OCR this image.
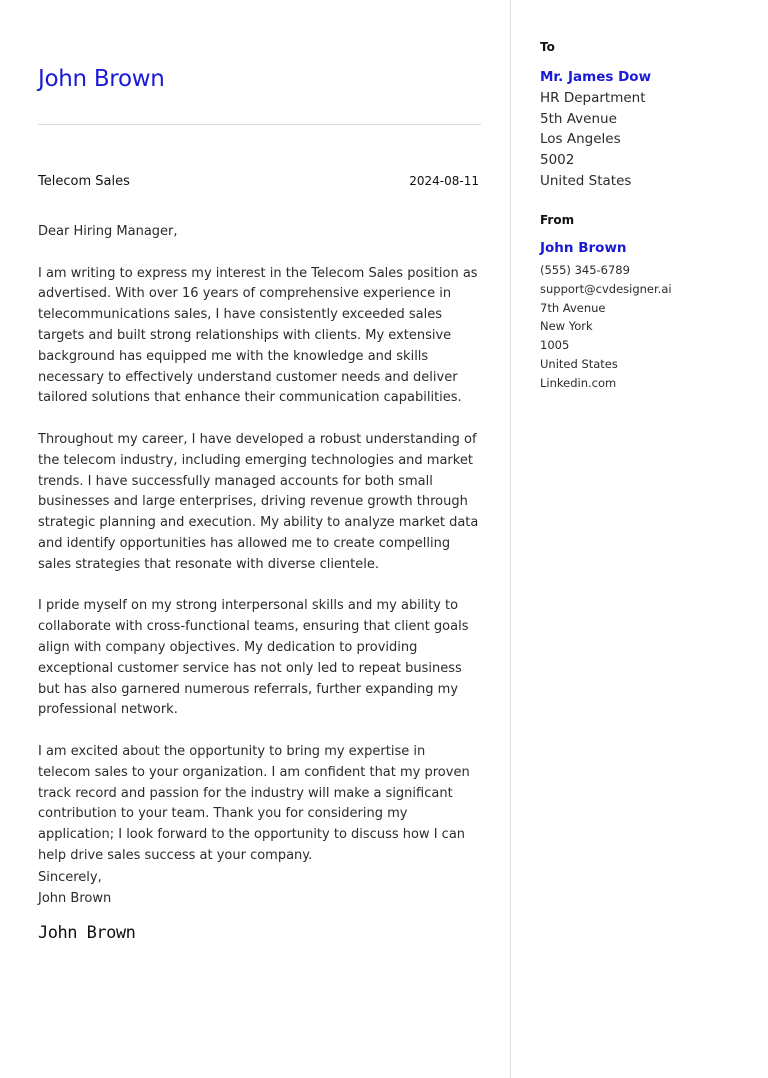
John Brown
Telecom Sales	2024-08-11

Dear Hiring Manager,

I am writing to express my interest in the Telecom Sales position as advertised. With over 16 years of comprehensive experience in telecommunications sales, I have consistently exceeded sales targets and built strong relationships with clients. My extensive background has equipped me with the knowledge and skills necessary to effectively understand customer needs and deliver tailored solutions that enhance their communication capabilities.

Throughout my career, I have developed a robust understanding of the telecom industry, including emerging technologies and market trends. I have successfully managed accounts for both small businesses and large enterprises, driving revenue growth through strategic planning and execution. My ability to analyze market data and identify opportunities has allowed me to create compelling sales strategies that resonate with diverse clientele.

I pride myself on my strong interpersonal skills and my ability to collaborate with cross-functional teams, ensuring that client goals align with company objectives. My dedication to providing exceptional customer service has not only led to repeat business but has also garnered numerous referrals, further expanding my professional network.

I am excited about the opportunity to bring my expertise in telecom sales to your organization. I am confident that my proven track record and passion for the industry will make a significant contribution to your team. Thank you for considering my application; I look forward to the opportunity to discuss how I can help drive sales success at your company.

Sincerely,
John Brown
John Brown
To
Mr. James Dow
HR Department
5th Avenue
Los Angeles
5002
United States
From
John Brown
(555) 345-6789
support@cvdesigner.ai
7th Avenue
New York
1005
United States
Linkedin.com
